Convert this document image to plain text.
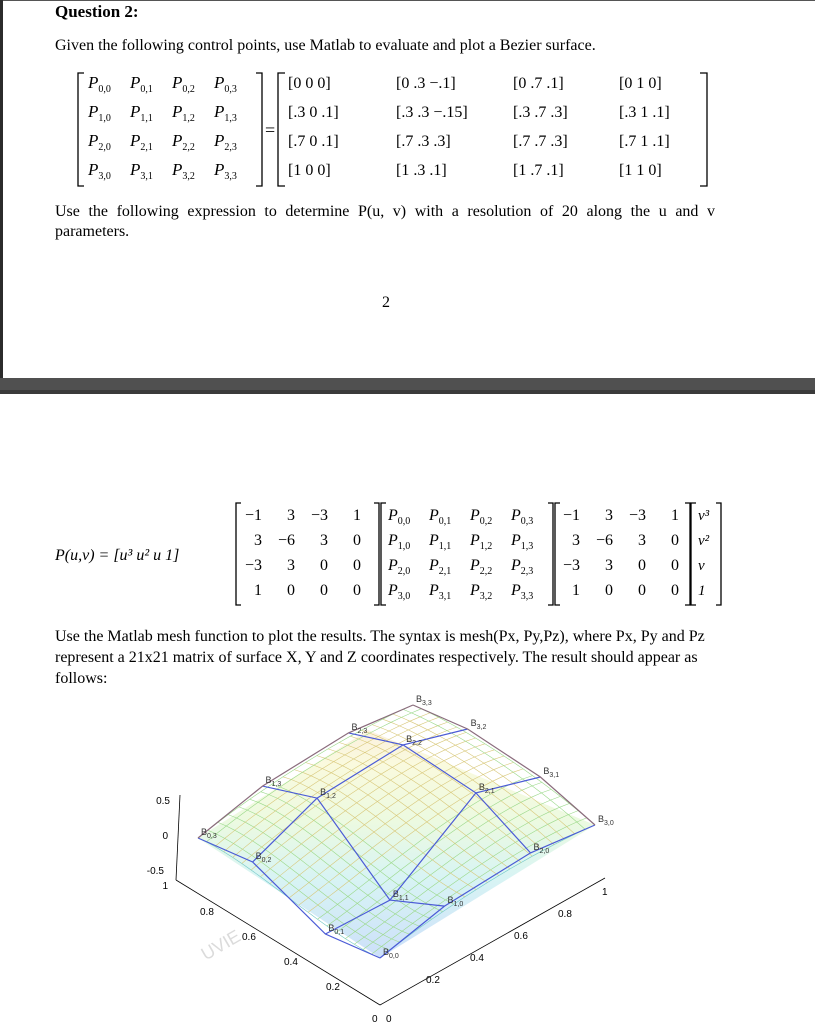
Question 2:
Given the following control points, use Matlab to evaluate and plot a Bezier surface.
$P_{0,0}$ $P_{0,1}$ $P_{0,2}$ $P_{0,3}$
$P_{1,0}$ $P_{1,1}$ $P_{1,2}$ $P_{1,3}$
$P_{2,0}$ $P_{2,1}$ $P_{2,2}$ $P_{2,3}$
$P_{3,0}$ $P_{3,1}$ $P_{3,2}$ $P_{3,3}$
=
[0 0 0]	[0 .3 −.1]	[0 .7 .1]	[0 1 0]
[.3 0 .1]	[.3 .3 −.15]	[.3 .7 .3]	[.3 1 .1]
[.7 0 .1]	[.7 .3 .3]	[.7 .7 .3]	[.7 1 .1]
[1 0 0]	[1 .3 .1]	[1 .7 .1]	[1 1 0]
Use the following expression to determine P(u, v) with a resolution of 20 along the u and v parameters.
2
P(u,v) = [u³ u² u 1]
−1 3 −3 1
3 −6 3 0
−3 3 0 0
1 0 0 0
$P_{0,0}$ $P_{0,1}$ $P_{0,2}$ $P_{0,3}$
$P_{1,0}$ $P_{1,1}$ $P_{1,2}$ $P_{1,3}$
$P_{2,0}$ $P_{2,1}$ $P_{2,2}$ $P_{2,3}$
$P_{3,0}$ $P_{3,1}$ $P_{3,2}$ $P_{3,3}$
−1 3 −3 1
3 −6 3 0
−3 3 0 0
1 0 0 0
v³
v²
v
1
Use the Matlab mesh function to plot the results. The syntax is mesh(Px, Py,Pz), where Px, Py and Pz represent a 21x21 matrix of surface X, Y and Z coordinates respectively. The result should appear as follows:
0.5
0
-0.5
1
0.8
0.6
0.4
0.2
1
0.8
0.6
0.4
0.2
0 0
$B_{3,3}$
$B_{2,3}$
$B_{3,2}$
$B_{2,2}$
$B_{1,3}$
$B_{1,2}$
$B_{3,1}$
$B_{0,3}$
$B_{2,1}$
$B_{3,0}$
$B_{0,2}$
$B_{2,0}$
$B_{1,1}$	$B_{1,0}$
$B_{0,1}$
$B_{0,0}$
UVIE
